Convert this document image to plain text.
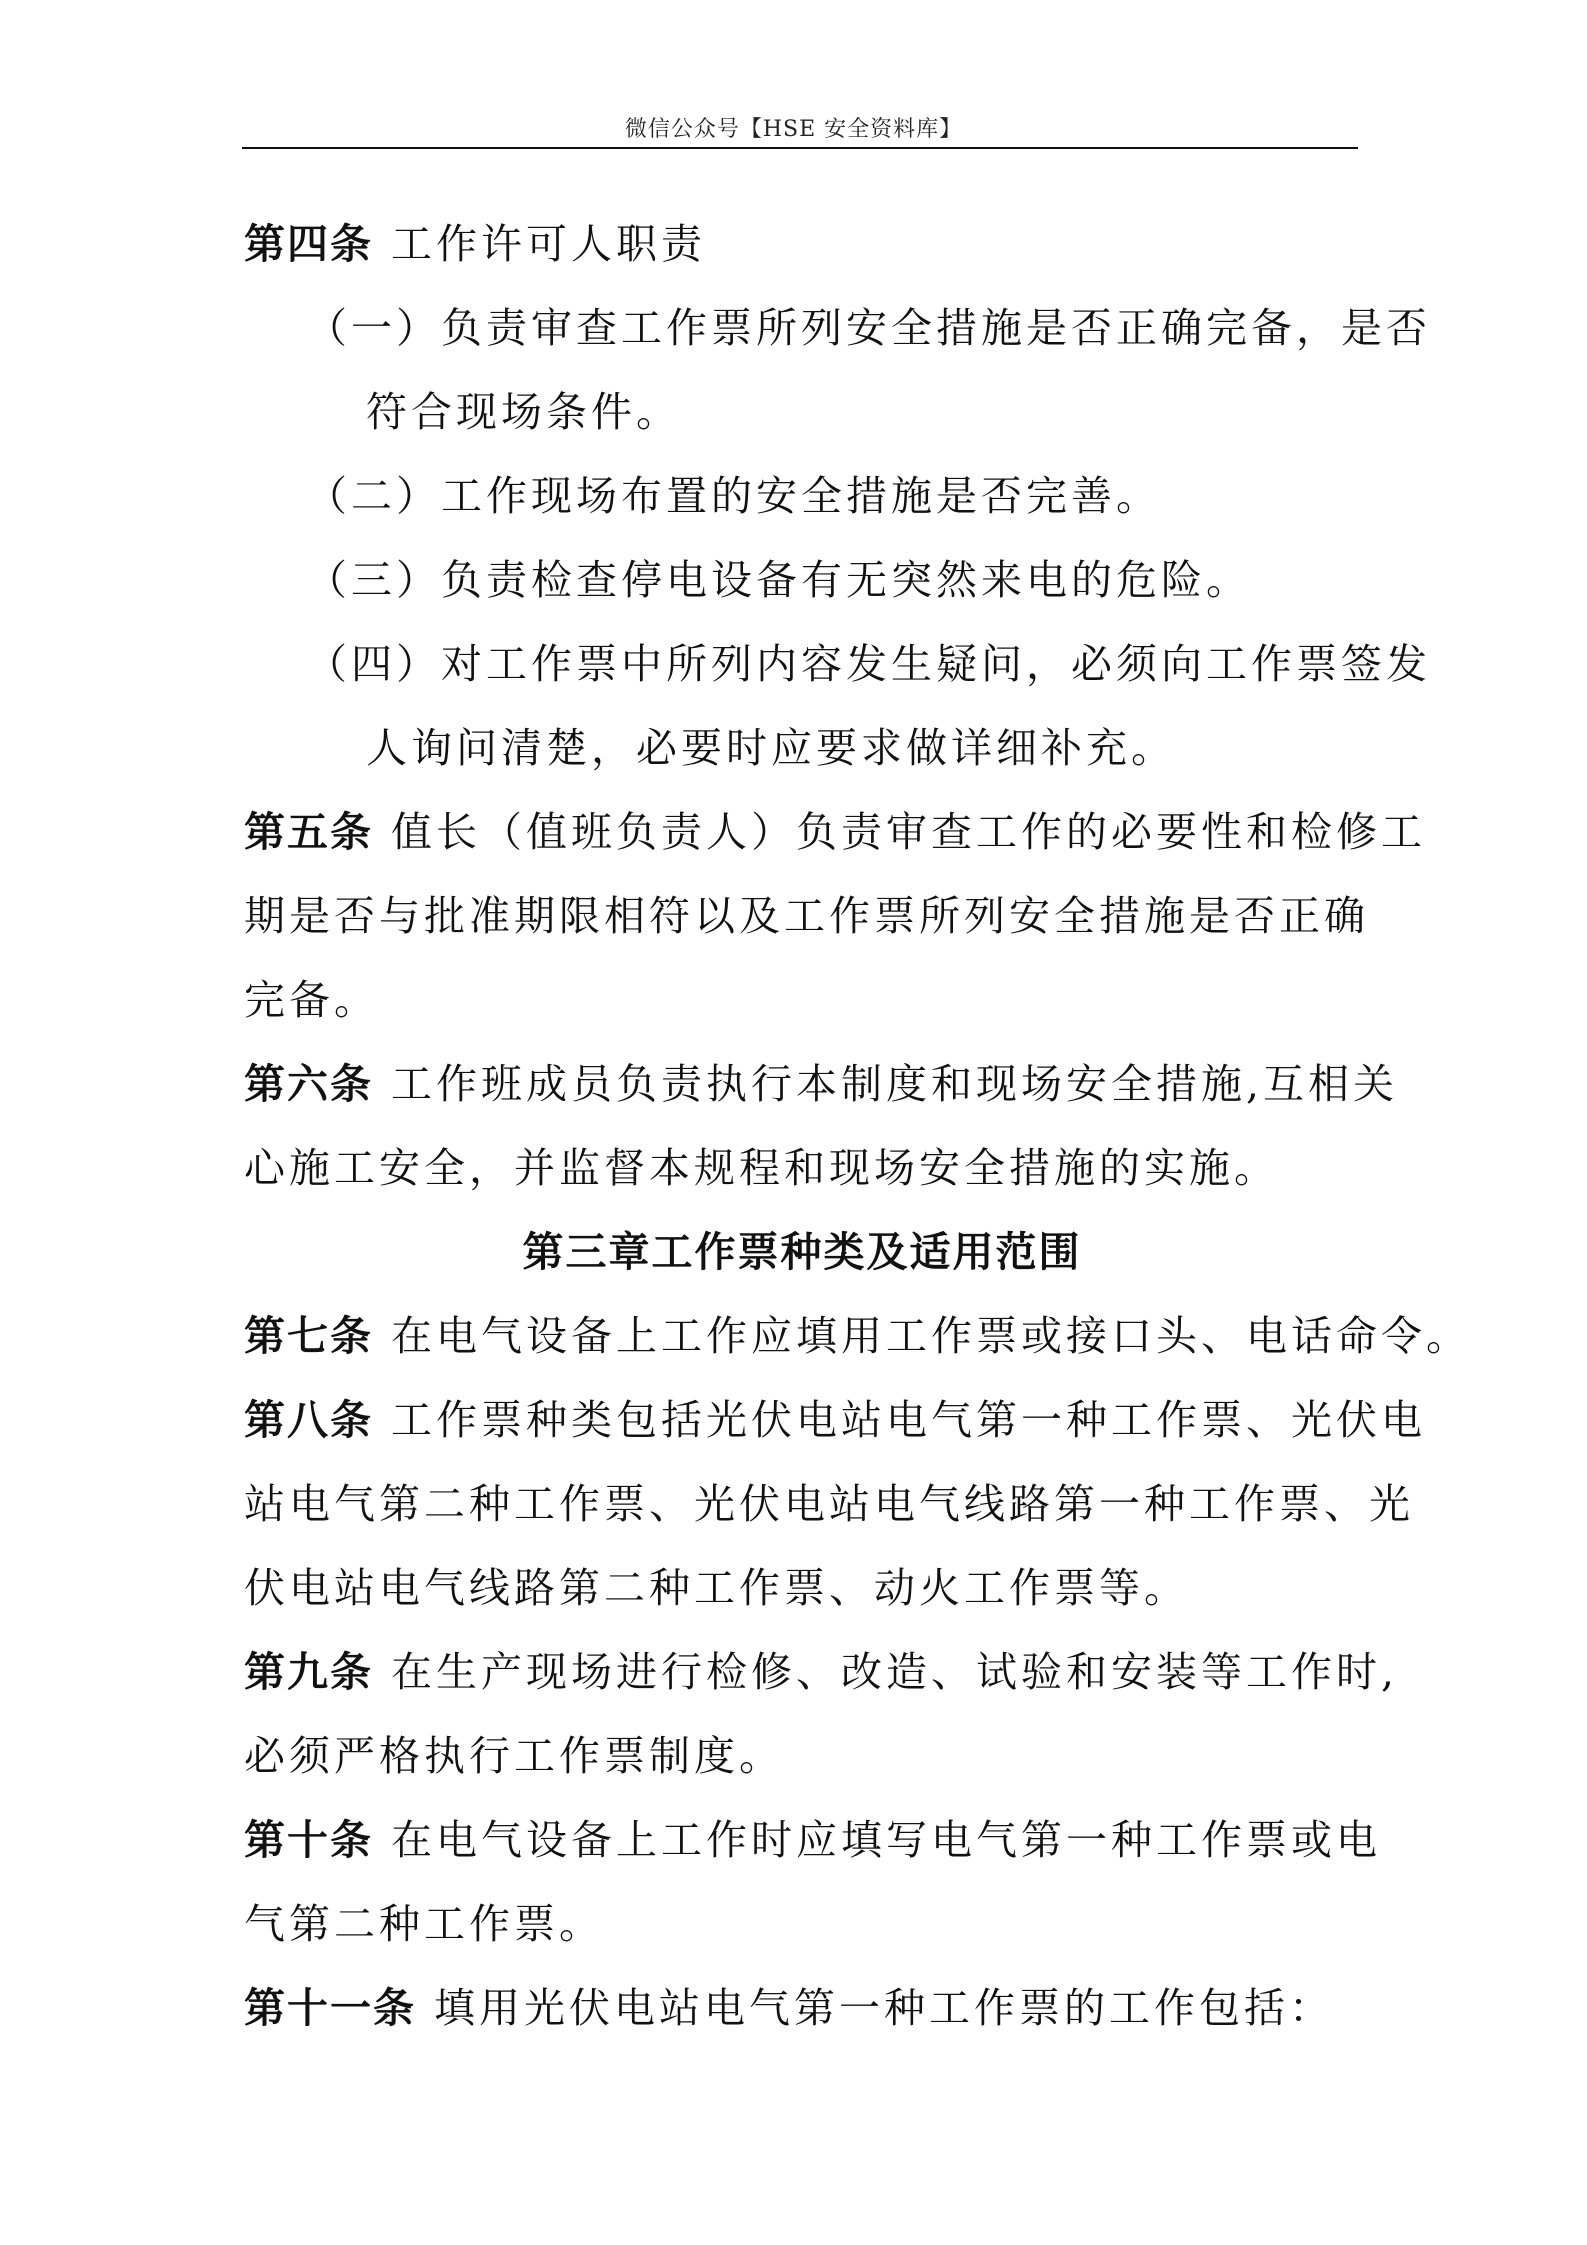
微信公众号【HSE 安全资料库】
第四条 工作许可人职责
（一）负责审查工作票所列安全措施是否正确完备，是否
符合现场条件。
（二）工作现场布置的安全措施是否完善。
（三）负责检查停电设备有无突然来电的危险。
（四）对工作票中所列内容发生疑问，必须向工作票签发
人询问清楚，必要时应要求做详细补充。
第五条 值长（值班负责人）负责审查工作的必要性和检修工
期是否与批准期限相符以及工作票所列安全措施是否正确
完备。
第六条 工作班成员负责执行本制度和现场安全措施,互相关
心施工安全，并监督本规程和现场安全措施的实施。
第三章工作票种类及适用范围
第七条 在电气设备上工作应填用工作票或接口头、电话命令。
第八条 工作票种类包括光伏电站电气第一种工作票、光伏电
站电气第二种工作票、光伏电站电气线路第一种工作票、光
伏电站电气线路第二种工作票、动火工作票等。
第九条 在生产现场进行检修、改造、试验和安装等工作时,
必须严格执行工作票制度。
第十条 在电气设备上工作时应填写电气第一种工作票或电
气第二种工作票。
第十一条 填用光伏电站电气第一种工作票的工作包括：
